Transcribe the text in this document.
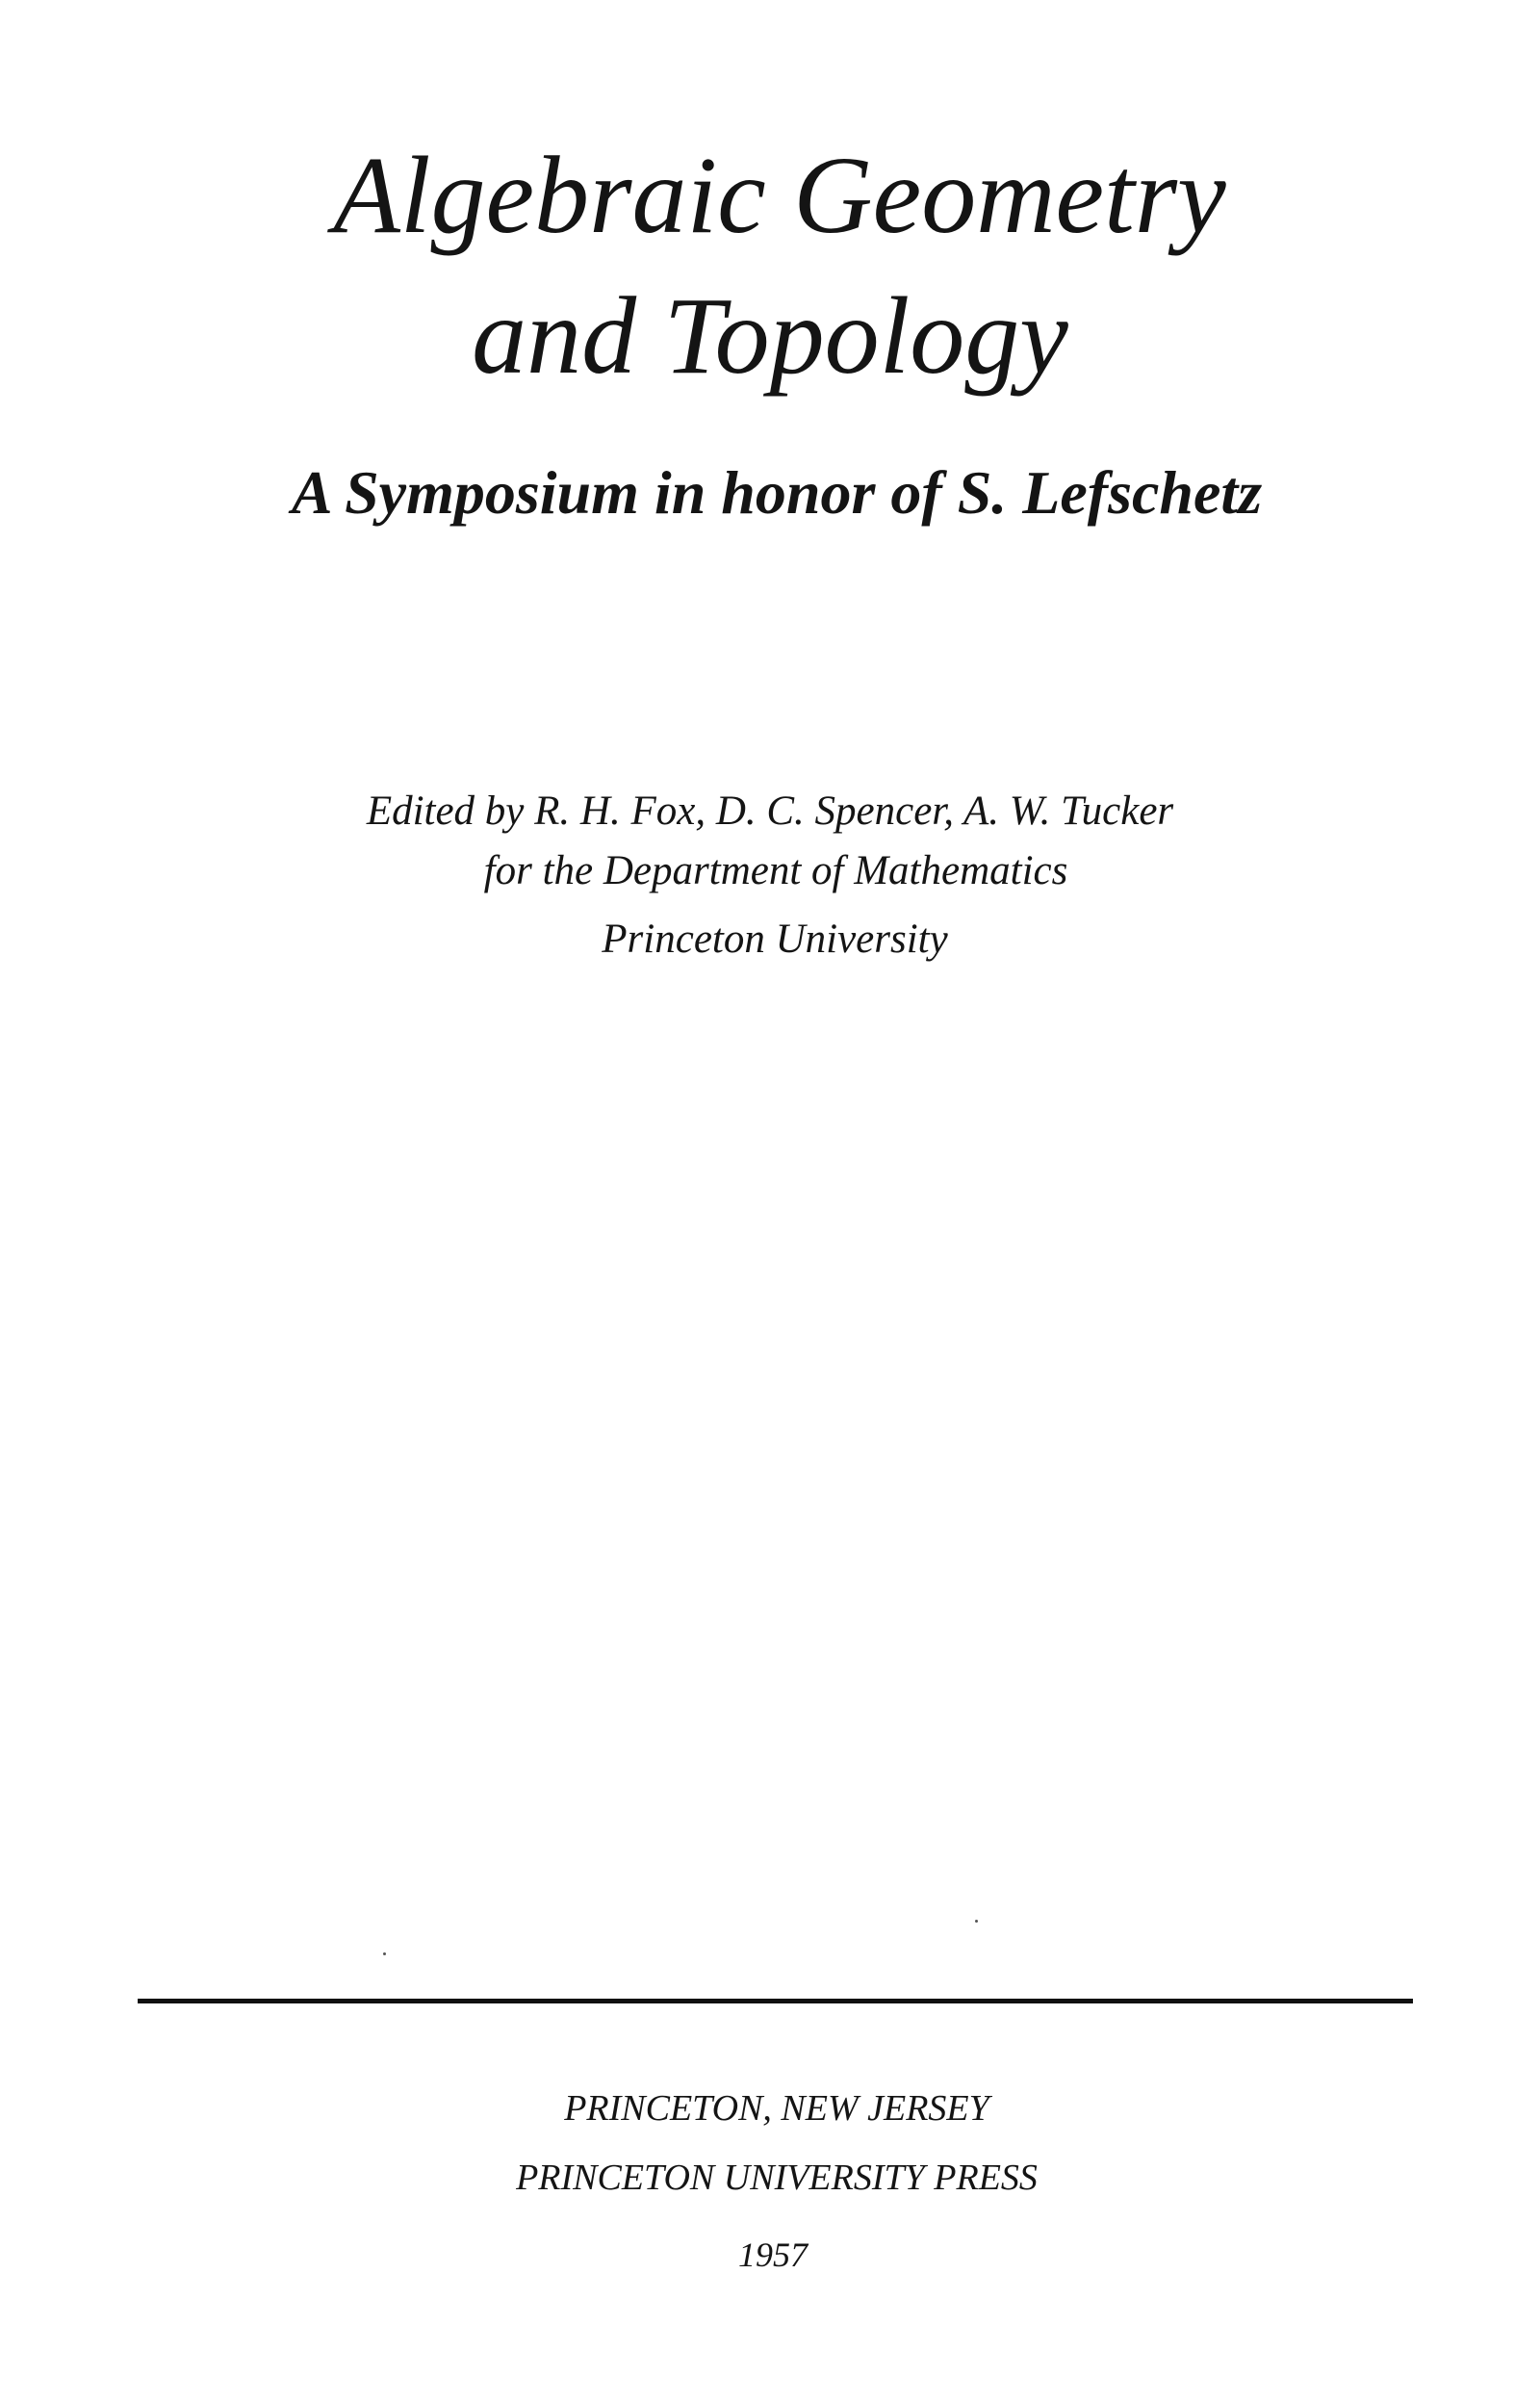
Algebraic Geometry
and Topology
A Symposium in honor of S. Lefschetz
Edited by R. H. Fox, D. C. Spencer, A. W. Tucker
for the Department of Mathematics
Princeton University
PRINCETON, NEW JERSEY
PRINCETON UNIVERSITY PRESS
1957
